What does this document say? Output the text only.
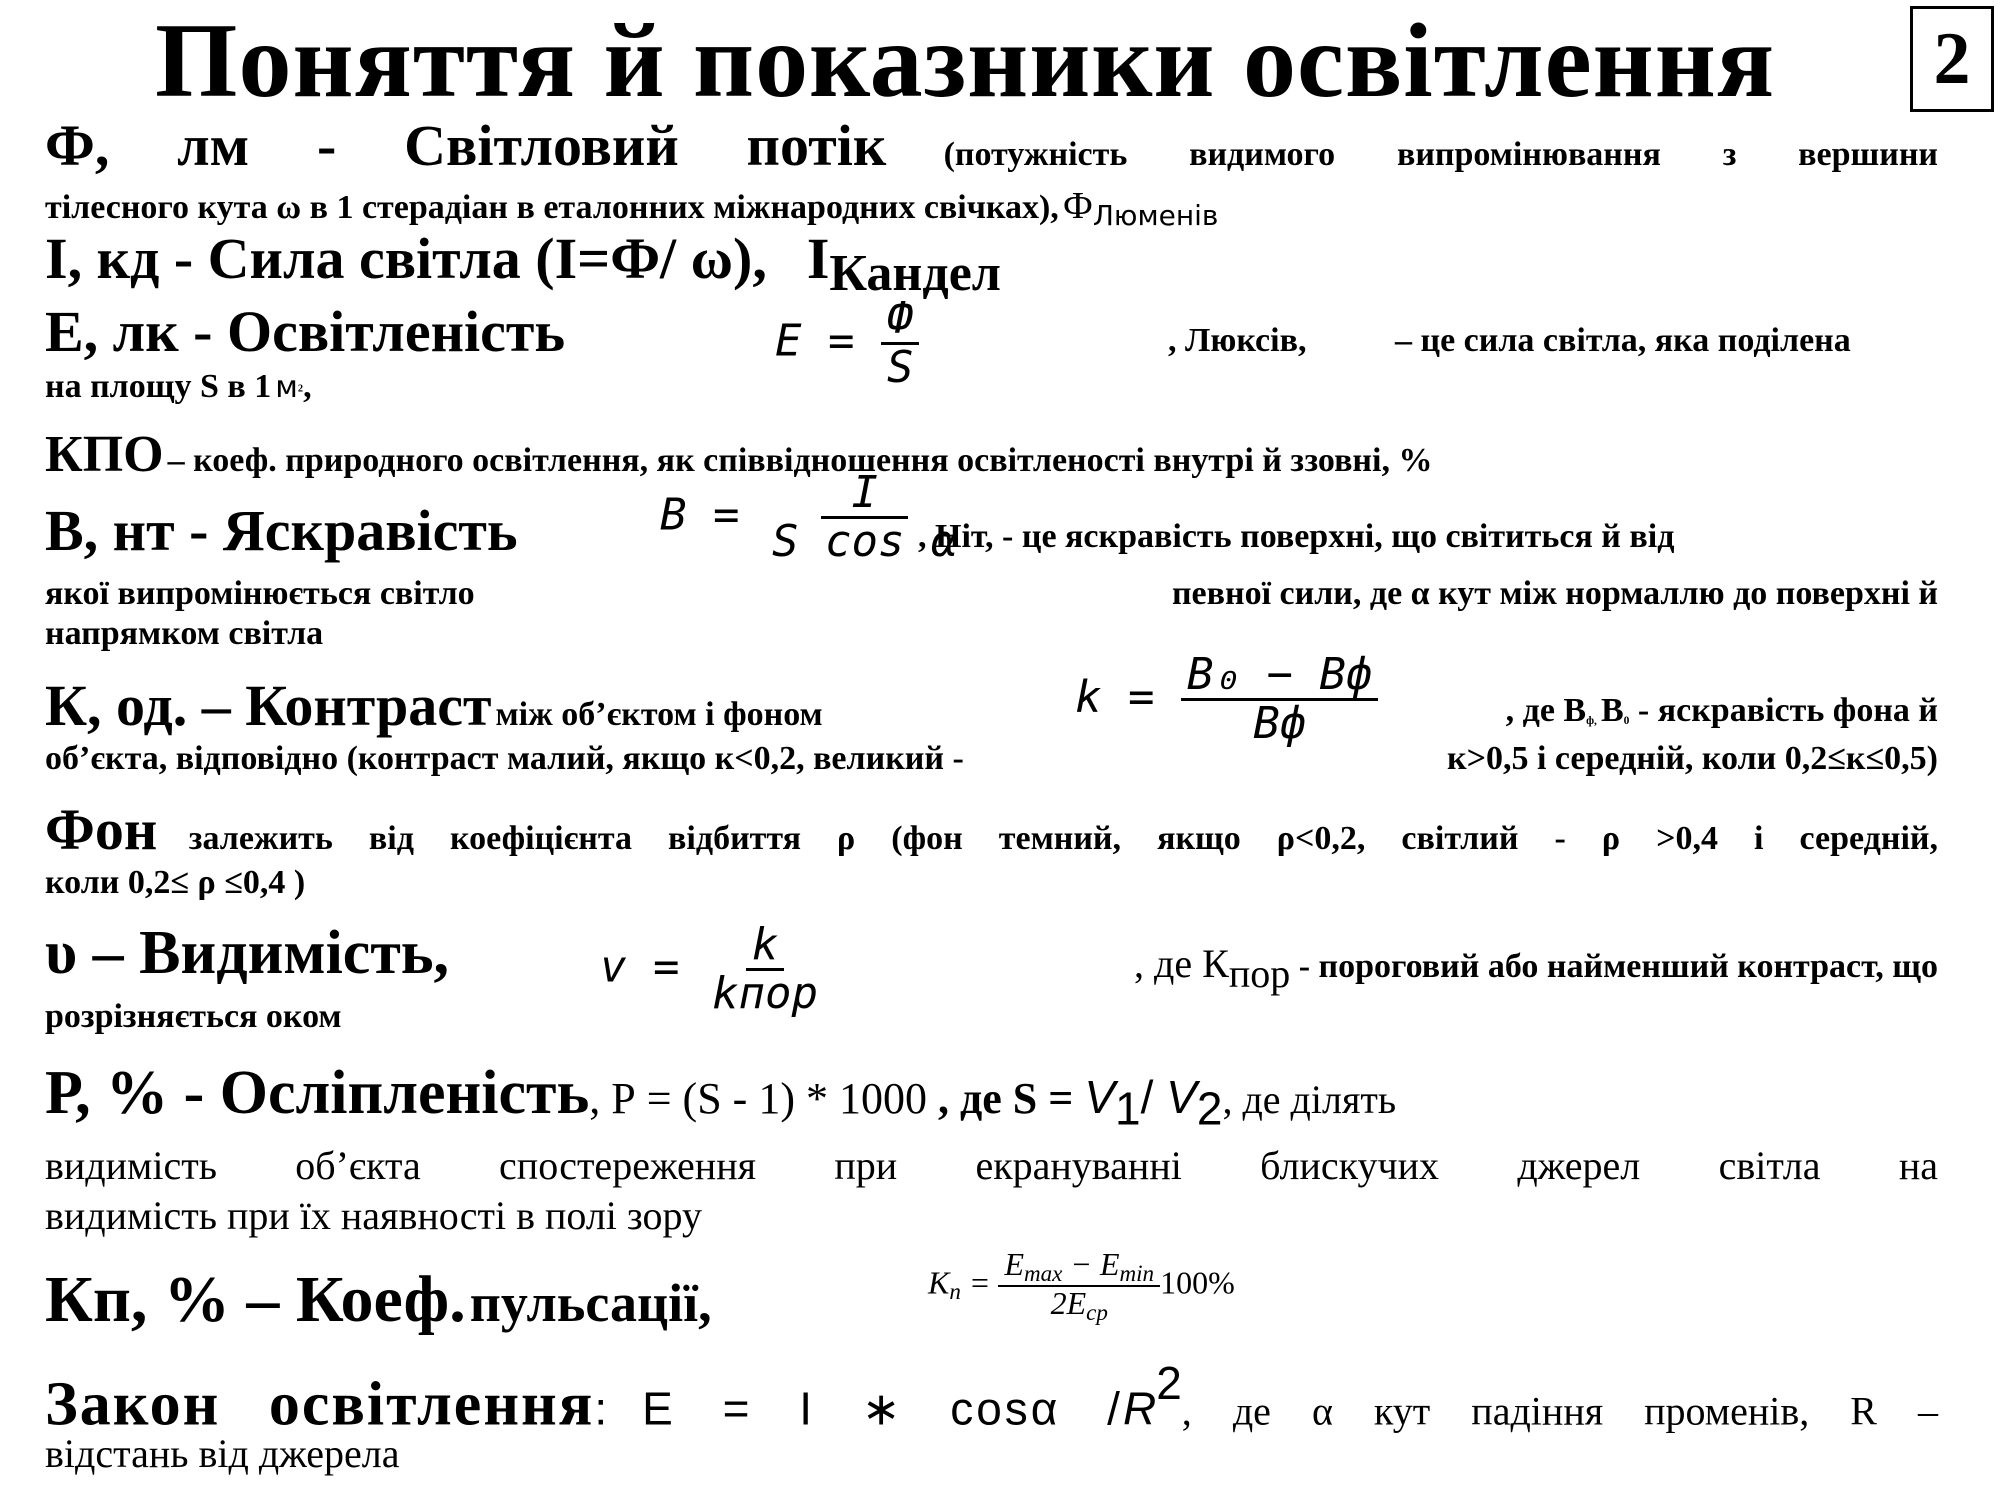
Поняття й показники освітлення	2
Ф, лм - Світловий потік (потужність видимого випромінювання з вершини
тілесного кута ω в 1 стерадіан в еталонних міжнародних свічках), ФЛюменів
І, кд - Сила світла (І=Ф/ ω), ІКандел
Е, лк - Освітленість	$E = \frac{Ф}{S}$	, Люксів,	– це сила світла, яка поділена
на площу S в 1 $м^2$,
КПО – коеф. природного освітлення, як співвідношення освітленості внутрі й ззовні, %
В, нт - Яскравість	$B = \frac{I}{\text{S cos α}}$
, Ніт, - це яскравість поверхні, що світиться й від
якої випромінюється світло	певної сили, де α кут між нормаллю до поверхні й
напрямком світла
К, од. – Контраст між об’єктом і фоном	$k = \frac{\text{B₀ − Bф}}{Bф}$	, де $В_{ф,}$ $В_0$ - яскравість фона й
об’єкта, відповідно (контраст малий, якщо к<0,2, великий -	к>0,5 і середній, коли 0,2≤к≤0,5)
Фон залежить від коефіцієнта відбиття ρ (фон темний, якщо ρ<0,2, світлий - ρ >0,4 і середній,
коли 0,2≤ ρ ≤0,4 )
υ – Видимість,	$v = \frac{k}{\text{kпор}}$	, де Кпор - пороговий або найменший контраст, що
розрізняється оком
Р, % - Осліпленість, Р = (S - 1) * 1000 , де S = V1/ V2, де ділять
видимість об’єкта спостереження при екрануванні блискучих джерел світла на
видимість при їх наявності в полі зору
Кп, % – Коеф. пульсації,	$K_п = \frac{E_{max} - E_{min}}{2E_{ср}} 100\%$
Закон освітлення: Е = І ∗ cosα /R2, де α кут падіння променів, R –
відстань від джерела
